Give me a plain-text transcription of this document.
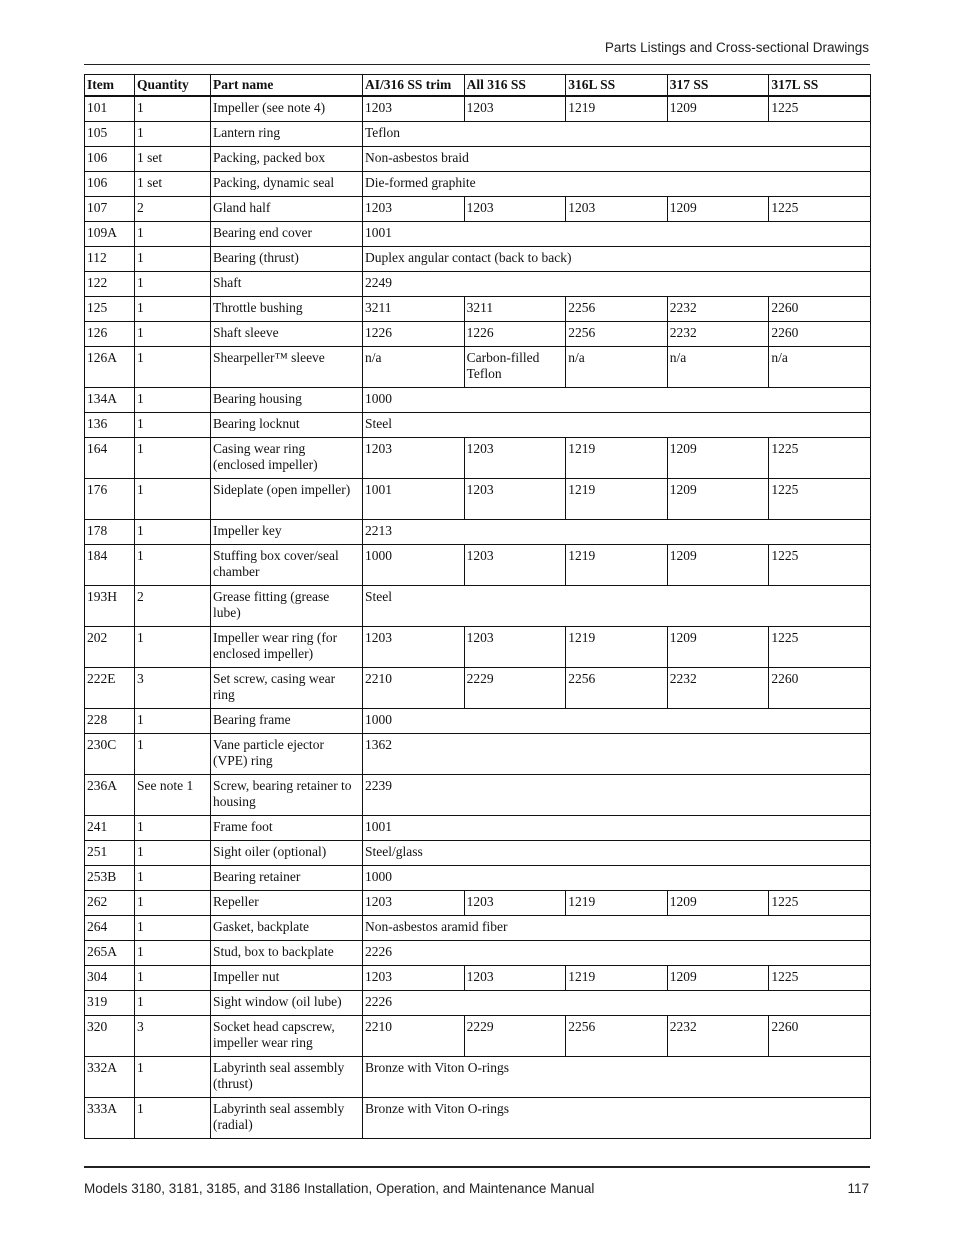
Parts Listings and Cross-sectional Drawings
Item	Quantity	Part name	AI/316 SS trim	All 316 SS	316L SS	317 SS	317L SS
101	1	Impeller (see note 4)	1203	1203	1219	1209	1225
105	1	Lantern ring	Teflon				
106	1 set	Packing, packed box	Non-asbestos braid				
106	1 set	Packing, dynamic seal	Die-formed graphite				
107	2	Gland half	1203	1203	1203	1209	1225
109A	1	Bearing end cover	1001				
112	1	Bearing (thrust)	Duplex angular contact (back to back)				
122	1	Shaft	2249				
125	1	Throttle bushing	3211	3211	2256	2232	2260
126	1	Shaft sleeve	1226	1226	2256	2232	2260
126A	1	Shearpeller™ sleeve	n/a	Carbon-filled Teflon	n/a	n/a	n/a
134A	1	Bearing housing	1000				
136	1	Bearing locknut	Steel				
164	1	Casing wear ring (enclosed impeller)	1203	1203	1219	1209	1225
176	1	Sideplate (open impeller)	1001	1203	1219	1209	1225
178	1	Impeller key	2213				
184	1	Stuffing box cover/seal chamber	1000	1203	1219	1209	1225
193H	2	Grease fitting (grease lube)	Steel				
202	1	Impeller wear ring (for enclosed impeller)	1203	1203	1219	1209	1225
222E	3	Set screw, casing wear ring	2210	2229	2256	2232	2260
228	1	Bearing frame	1000				
230C	1	Vane particle ejector (VPE) ring	1362				
236A	See note 1	Screw, bearing retainer to housing	2239				
241	1	Frame foot	1001				
251	1	Sight oiler (optional)	Steel/glass				
253B	1	Bearing retainer	1000				
262	1	Repeller	1203	1203	1219	1209	1225
264	1	Gasket, backplate	Non-asbestos aramid fiber				
265A	1	Stud, box to backplate	2226				
304	1	Impeller nut	1203	1203	1219	1209	1225
319	1	Sight window (oil lube)	2226				
320	3	Socket head capscrew, impeller wear ring	2210	2229	2256	2232	2260
332A	1	Labyrinth seal assembly (thrust)	Bronze with Viton O-rings				
333A	1	Labyrinth seal assembly (radial)	Bronze with Viton O-rings				
Models 3180, 3181, 3185, and 3186 Installation, Operation, and Maintenance Manual	117
